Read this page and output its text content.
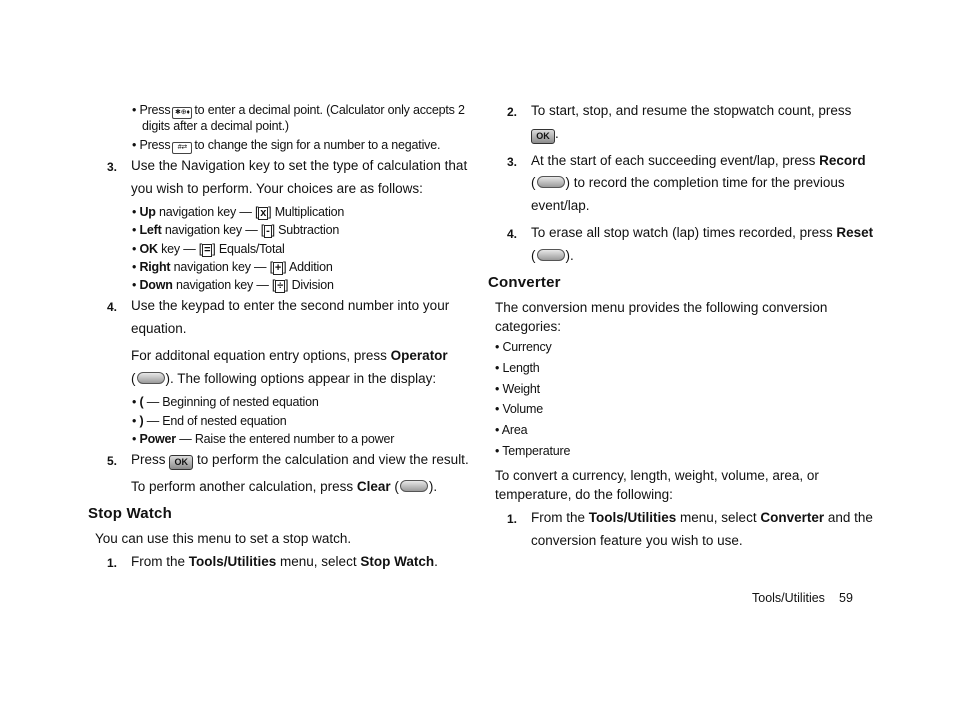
• Press ✱⊕♦ to enter a decimal point. (Calculator only accepts 2
digits after a decimal point.)
• Press #⇄ to change the sign for a number to a negative.
3. Use the Navigation key to set the type of calculation that
you wish to perform. Your choices are as follows:
• Up navigation key — [ x ] Multiplication
• Left navigation key — [ - ] Subtraction
• OK key — [ = ] Equals/Total
• Right navigation key — [ + ] Addition
• Down navigation key — [ ÷ ] Division
4. Use the keypad to enter the second number into your
equation.
For additonal equation entry options, press Operator
( ). The following options appear in the display:
• ( — Beginning of nested equation
• ) — End of nested equation
• Power — Raise the entered number to a power
5. Press OK to perform the calculation and view the result.
To perform another calculation, press Clear ( ).
Stop Watch
You can use this menu to set a stop watch.
1. From the Tools/Utilities menu, select Stop Watch.
2. To start, stop, and resume the stopwatch count, press
OK .
3. At the start of each succeeding event/lap, press Record
( ) to record the completion time for the previous
event/lap.
4. To erase all stop watch (lap) times recorded, press Reset
( ).
Converter
The conversion menu provides the following conversion
categories:
• Currency
• Length
• Weight
• Volume
• Area
• Temperature
To convert a currency, length, weight, volume, area, or
temperature, do the following:
1. From the Tools/Utilities menu, select Converter and the
conversion feature you wish to use.
Tools/Utilities 59
